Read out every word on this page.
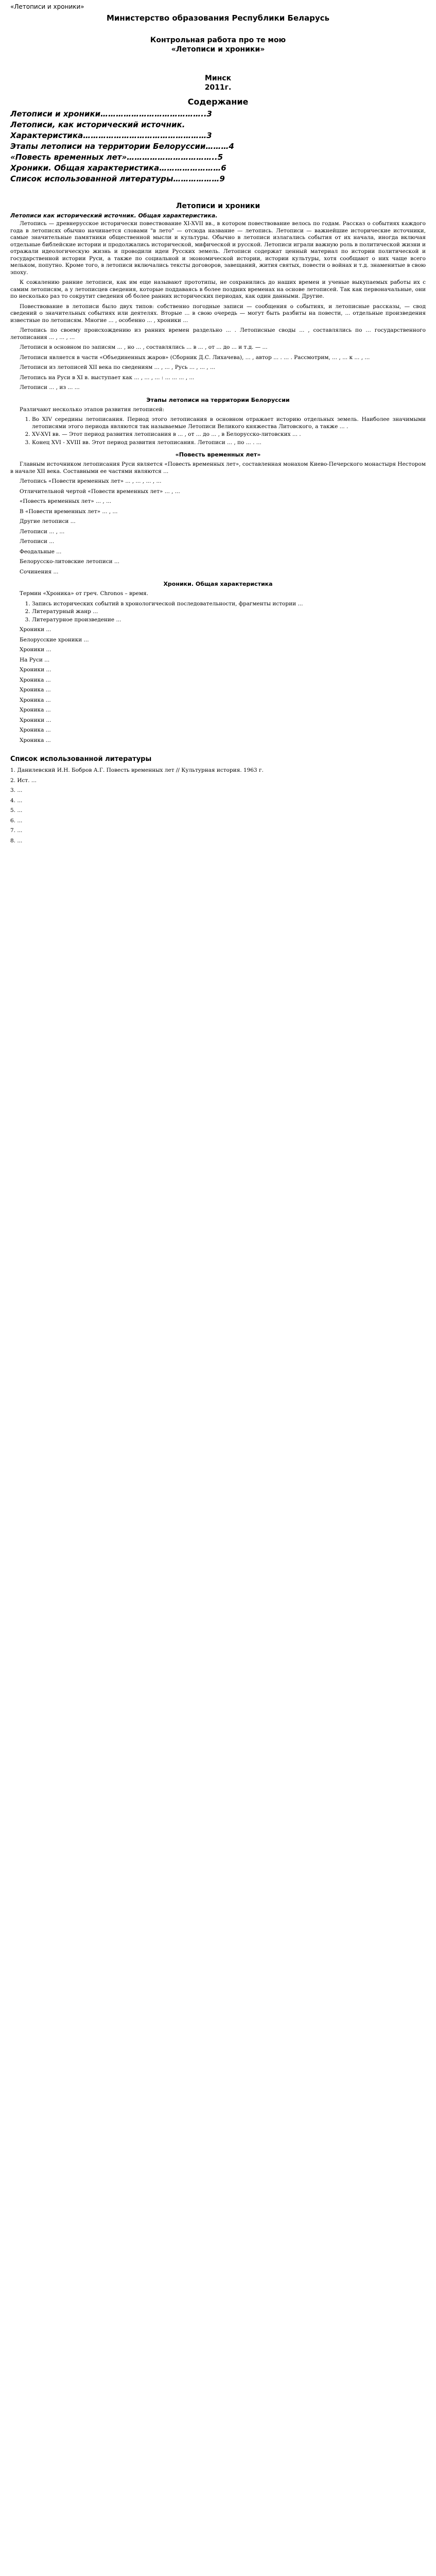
«Летописи и хроники»
Министерство образования Республики Беларусь
Контрольная работа про те мою
«Летописи и хроники»
Минск
2011г.
Содержание
Летописи и хроники…………………………………..3
Летописи, как исторический источник.
Характеристика…………………………………………3
Этапы летописи на территории Белоруссии………4
«Повесть временных лет»……………………………..5
Хроники. Общая характеристика……………………6
Список использованной литературы………………9
Летописи и хроники
Летописи как исторический источник. Общая характеристика.

Летопись — древнерусское исторически повествование XI-XVII вв., в котором повествование велось по годам. Рассказ о событиях каждого года в летописях обычно начинается словами "в лето" — отсюда название — летопись. Летописи — важнейшие исторические источники, самые значительные памятники общественной мысли и культуры. Обычно в летописи излагались события от их начала, иногда включая отдельные библейские истории и продолжались исторической, мифической и русской. Летописи играли важную роль в политической жизни и отражали идеологическую жизнь и проводили идеи Русских земель. Летописи содержат ценный материал по истории политической и государственной истории Руси, а также по социальной и экономической истории, истории культуры, хотя сообщают о них чаще всего мельком, попутно. Кроме того, в летописи включались тексты договоров, завещаний, жития святых, повести о войнах и т.д. знаменитые в свою эпоху.

К сожалению ранние летописи, как им еще называют прототипы, не сохранились до наших времен и ученые выкупаемых работы их с самим летописям, а у летописцев сведения, которые поддаваясь в более поздних временах на основе летописей. Так как первоначальные, они по несколько раз то сокрутит сведения об более ранних исторических периодах, как один данными. Другие.

Повествование в летописи было двух типов: собственно погодные записи — сообщения о событиях, и летописные рассказы, — свод сведений о значительных событиях или деятелях. Вторые ... в свою очередь — могут быть разбиты на повести, ... отдельные произведения известные по летописям. Многие ... , особенно ... , хроники ...

Летопись по своему происхождению из ранних времен раздельно ... . Летописные своды ... , составлялись по … государственного летописания ... , ... , ...

Летописи в основном по записям ... , но ... , составлялись ... в ... , от ... до ... и т.д. — ...

Летописи является в части «Объединенных жаров» (Сборник Д.С. Лихачева), ... , автор ... . ... . Рассмотрим, ... , ... к ... , ...

Летописи из летописей XII века по сведениям ... , ... , Русь ... , ... , ...

Летопись на Руси в XI в. выступает как ... , ... , ... : ... ... ... , ...

Летописи ... , из ... ...

Этапы летописи на территории Белоруссии

Различают несколько этапов развития летописей:

1. Во XIV середины летописания. Период этого летописания в основном отражает историю отдельных земель. Наиболее значимыми летописями этого периода являются так называемые Летописи Великого княжества Литовского, а также ... .
2. XV-XVI вв. — Этот период развития летописания в ... , от ... до ... , в Белорусско-литовских ... .
3. Конец XVI - XVIII вв. Этот период развития летописания. Летописи ... , по ... . ...
«Повесть временных лет»

Главным источником летописания Руси является «Повесть временных лет», составленная монахом Киево-Печерского монастыря Нестором в начале XII века. Составными ее частями являются ...

Летопись «Повести временных лет» ... , ... , ... , ...

Отличительной чертой «Повести временных лет» ... , ...

«Повесть временных лет» ... , ...

В «Повести временных лет» ... , ...

Другие летописи ...

Летописи ... , ...

Летописи ...

Феодальные ...

Белорусско-литовские летописи ...

Сочинения ...

Хроники. Общая характеристика

Термин «Хроника» от греч. Chronos – время.

1. Запись исторических событий в хронологической последовательности, фрагменты истории ...
2. Литературный жанр ...
3. Литературное произведение ...

Хроники ...

Белорусские хроники ...

Хроники ...

На Руси ...

Хроники ...

Хроника ...

Хроника ...

Хроника ...

Хроника ...

Хроники ...

Хроника ...

Хроника ...

Список использованной литературы
1. Данилевский И.Н. Бобров А.Г. Повесть временных лет // Культурная история. 1963 г.
2. Ист. ...
3. ...
4. ...
5. ...
6. ...
7. ...
8. ...
